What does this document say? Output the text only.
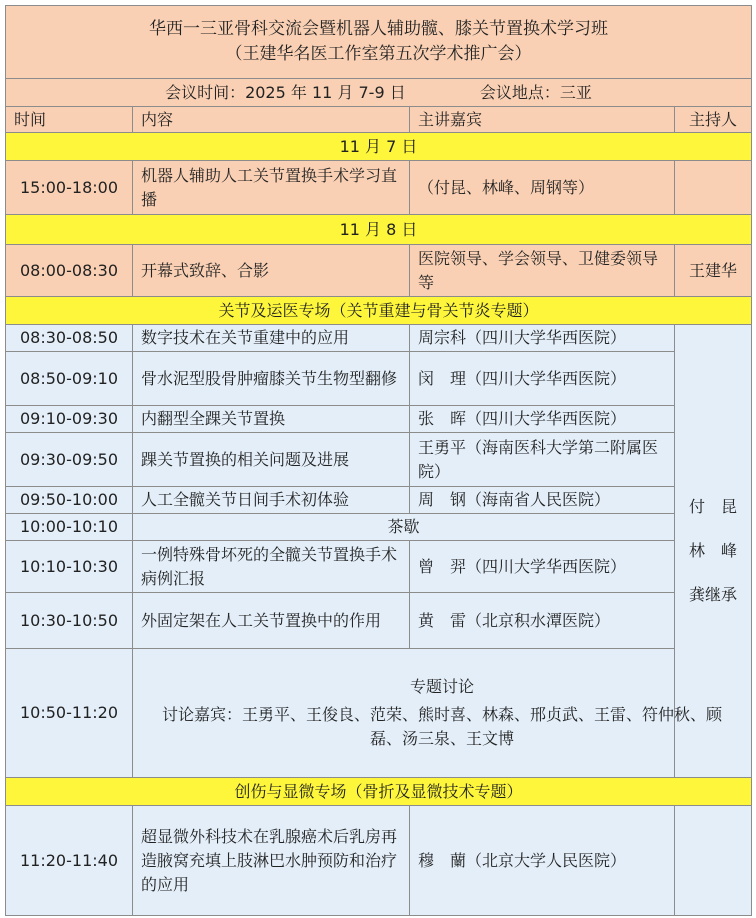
华西一三亚骨科交流会暨机器人辅助髋、膝关节置换术学习班
（王建华名医工作室第五次学术推广会）			

会议时间：2025 年 11 月 7-9 日 会议地点：三亚			
时间	内容	主讲嘉宾	主持人
11 月 7 日			
15:00-18:00	机器人辅助人工关节置换手术学习直播	（付昆、林峰、周钢等）	
11 月 8 日			
08:00-08:30	开幕式致辞、合影	医院领导、学会领导、卫健委领导等	王建华
关节及运医专场（关节重建与骨关节炎专题）			
08:30-08:50	数字技术在关节重建中的应用	周宗科（四川大学华西医院）	付　昆
林　峰
龚继承

08:50-09:10	骨水泥型股骨肿瘤膝关节生物型翻修	闵　理（四川大学华西医院）	
09:10-09:30	内翻型全踝关节置换	张　晖（四川大学华西医院）	
09:30-09:50	踝关节置换的相关问题及进展	王勇平（海南医科大学第二附属医院）	
09:50-10:00	人工全髋关节日间手术初体验	周　钢（海南省人民医院）	
10:00-10:10	茶歇		
10:10-10:30	一例特殊骨坏死的全髋关节置换手术病例汇报	曾　羿（四川大学华西医院）	
10:30-10:50	外固定架在人工关节置换中的作用	黄　雷（北京积水潭医院）	
10:50-11:20	专题讨论
讨论嘉宾：王勇平、王俊良、范荣、熊时喜、林森、邢贞武、王雷、符仲秋、顾磊、汤三泉、王文博		

创伤与显微专场（骨折及显微技术专题）			
11:20-11:40	超显微外科技术在乳腺癌术后乳房再造腋窝充填上肢淋巴水肿预防和治疗的应用	穆　蘭（北京大学人民医院）	
